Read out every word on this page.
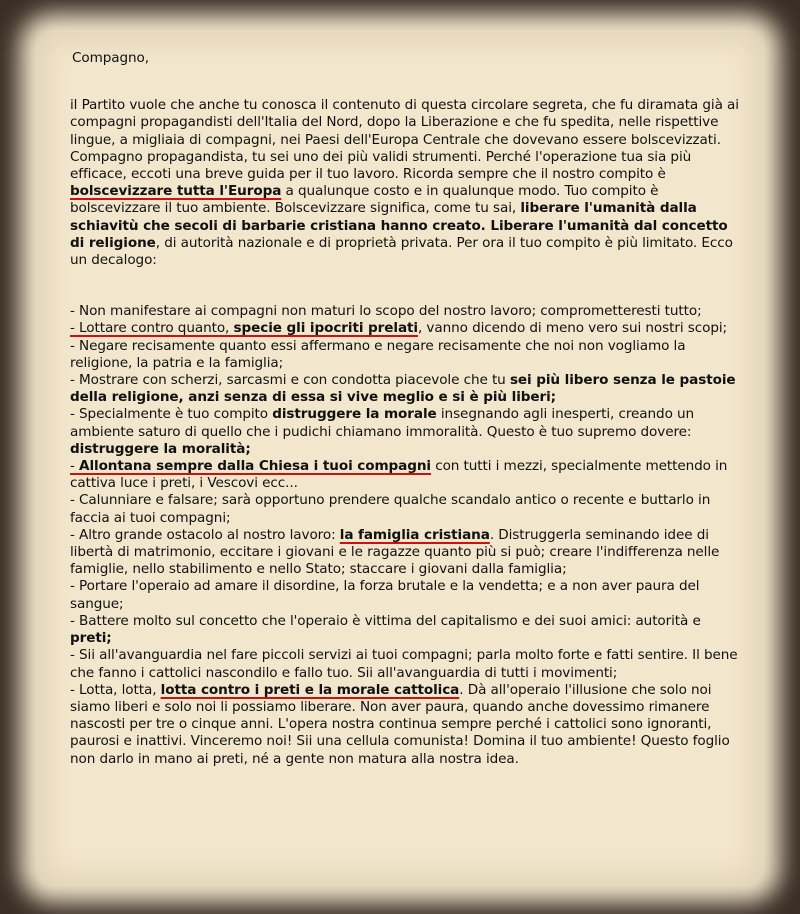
Compagno,

il Partito vuole che anche tu conosca il contenuto di questa circolare segreta, che fu diramata già ai compagni propagandisti dell'Italia del Nord, dopo la Liberazione e che fu spedita, nelle rispettive lingue, a migliaia di compagni, nei Paesi dell'Europa Centrale che dovevano essere bolscevizzati. Compagno propagandista, tu sei uno dei più validi strumenti. Perché l'operazione tua sia più efficace, eccoti una breve guida per il tuo lavoro. Ricorda sempre che il nostro compito è bolscevizzare tutta l'Europa a qualunque costo e in qualunque modo. Tuo compito è bolscevizzare il tuo ambiente. Bolscevizzare significa, come tu sai, liberare l'umanità dalla schiavitù che secoli di barbarie cristiana hanno creato. Liberare l'umanità dal concetto di religione, di autorità nazionale e di proprietà privata. Per ora il tuo compito è più limitato. Ecco un decalogo:

- Non manifestare ai compagni non maturi lo scopo del nostro lavoro; comprometteresti tutto;

- Lottare contro quanto, specie gli ipocriti prelati, vanno dicendo di meno vero sui nostri scopi;

- Negare recisamente quanto essi affermano e negare recisamente che noi non vogliamo la religione, la patria e la famiglia;

- Mostrare con scherzi, sarcasmi e con condotta piacevole che tu sei più libero senza le pastoie della religione, anzi senza di essa si vive meglio e si è più liberi;

- Specialmente è tuo compito distruggere la morale insegnando agli inesperti, creando un ambiente saturo di quello che i pudichi chiamano immoralità. Questo è tuo supremo dovere: distruggere la moralità;

- Allontana sempre dalla Chiesa i tuoi compagni con tutti i mezzi, specialmente mettendo in cattiva luce i preti, i Vescovi ecc...

- Calunniare e falsare; sarà opportuno prendere qualche scandalo antico o recente e buttarlo in faccia ai tuoi compagni;

- Altro grande ostacolo al nostro lavoro: la famiglia cristiana. Distruggerla seminando idee di libertà di matrimonio, eccitare i giovani e le ragazze quanto più si può; creare l'indifferenza nelle famiglie, nello stabilimento e nello Stato; staccare i giovani dalla famiglia;

- Portare l'operaio ad amare il disordine, la forza brutale e la vendetta; e a non aver paura del sangue;

- Battere molto sul concetto che l'operaio è vittima del capitalismo e dei suoi amici: autorità e preti;

- Sii all'avanguardia nel fare piccoli servizi ai tuoi compagni; parla molto forte e fatti sentire. Il bene che fanno i cattolici nascondilo e fallo tuo. Sii all'avanguardia di tutti i movimenti;

- Lotta, lotta, lotta contro i preti e la morale cattolica. Dà all'operaio l'illusione che solo noi siamo liberi e solo noi li possiamo liberare. Non aver paura, quando anche dovessimo rimanere nascosti per tre o cinque anni. L'opera nostra continua sempre perché i cattolici sono ignoranti, paurosi e inattivi. Vinceremo noi! Sii una cellula comunista! Domina il tuo ambiente! Questo foglio non darlo in mano ai preti, né a gente non matura alla nostra idea.
